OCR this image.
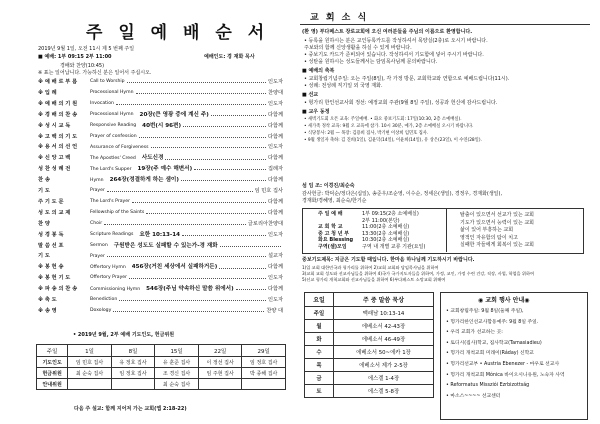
주 일 예 배 순 서
2019년 9월 1일, 오전 11시 제 5 번째 주일
■ 예배: 1부 09:15 2부 11:00	예배인도: 경 재화 목사
경배와 찬양(10:45)
※ 표는 일어납니다. 가능하신 분은 일어서 주십시오.
※ 예 배 로 부 름	Call to Worship	인도자
※ 입 례	Processional Hymn	찬양대
※ 예 배 의 기 원	Invocation	인도자
※ 경 배 의 찬 송	Processional Hymn 20장(큰 영광 중에 계신 주)	다함께
※ 성 시 교 독	Responsive Reading 40번(시 96편)	다함께
※ 고 백 의 기 도	Prayer of confession	다함께
※ 용 서 의 선 언	Assurance of Forgiveness	인도자
※ 신 앙 고 백	The Apostles' Creed 사도신경	다함께
성 찬 성 례 전	The Lord's Supper 19장(주 예수 해변서)	집례자
찬 송	Hymn 264장(정결하게 하는 샘이)	다함께
기 도	Prayer	임 민호 집사
주 기 도 문	The Lord's Prayer	다함께
성 도 의 교 제	Fellowship of the Saints	다함께
찬 양	Choir	글로리아찬양대
성 경 봉 독	Scripture Readings 요한 10:13-14	인도자
말 씀 선 포	Sermon 구원받은 성도도 실패할 수 있는가-경 재화
기 도	Prayer	설교자
※ 봉 헌 송	Offertory Hymn 456장(거친 세상에서 실패하거든)	다함께
※ 봉 헌 기 도	Offertory Prayer	인도자
※ 파 송 의 찬 송	Commissioning Hymn 546장(주님 약속하신 말씀 위에서)	다함께
※ 축 도	Benediction	인도자
※ 송 영	Doxology	찬양 대
• 2019년 9월, 2부 예배 기도인도, 헌금위원
주일	1일	8일	15일	22일	29일
기도인도	임 민호 집사	유 정호 집사	유 훈준 집사	이 정선 집사	임 정호 집사
헌금위원	최 순숙 집사	임 정호 집사	조 경신 집사	임 주현 집사	박 종해 집사
안내위원			최 순숙 집사		
다음 주 설교: 함께 지어져 가는 교회(엡 2:18-22)
교 회 소 식
(환 영) 부다페스트 장로교회에 오신 여러분들을 주님의 이름으로 환영합니다.
• 등록을 원하시는 분은 교인등록카드를 작성하셔서 목양실(2층)로 오시기 바랍니다.
주보와의 함께 신앙생활을 하실 수 있게 바랍니다.
• 중보기도 카드가 준비되어 있습니다. 작성하셔서 기도함에 넣어 주시기 바랍니다.
• 성탄을 원하시는 성도들께서는 담임목사님께 문의바랍니다.
■ 예배의 축복
• 교회창립기념주일: 오는 주일(8일), 각 가정 방문, 교회학교와 연합으로 예배드립니다(11시).
• 성례: 전성례 직기일 외 국영 재화.
■ 선교
• 헝가리 한인선교사회 정선: 예정교회 주관(9월 8일 주일), 성공과 헌신에 감사드립니다.
■ 교우 동정
• 새벽기도회 오픈 교육: 주일예배. • 화요 중보기도회: 17일(10:30, 2층 소예배실).
• 새가족 정착 교육: 9월 오 교육에 참가. 10시 30분, 예가, 2층 소예배실 오시기 바랍니다.
• 식당봉사: 2월 — 목장: 김용희 집사, 박기현 이상희 임민호 집사.
• 9월 생일자 축하: 김 진희(1일), 김윤덕(14일), 이윤희(14일), 유 상은(23일), 이 수연(28일).
섬 임 조: 이경진/최순숙
감사헌금: 박덕순/정다은(십일), 송준우/조순영, 이수순, 정세은(생일), 경정우, 경재화(생일),
경재화/경혜영, 최순숙/한기순
주 일 예 배	1부 09:15(2층 소예배실)
2부 11:00(본당)
교 회 학 교	11:00(2층 소예배실)
중 고 청 년 부	13:30(2층 소예배실)
화요 Blessing 10:30(2층 소예배실)
구역(셀)모임	구역 내 개별 교류 기관(요일)
탈출이 있으면서 선교가 있는 교회
기도가 있으면서 능력이 있는 교회
삶이 있어 부흥하는 교회
영적인 자유함의 탐이 치고
실패한 자들에게 회복이 있는 교회
중보기도제목: 지금은 기도할 때입니다. 한마음 하나님께 기도하시기 바랍니다.
1)입 교회 대한민국과 헝가리를 위하여 2)교회 교회와 담임목사님을 위하여
3)교회 교회 성도와 선교사님들을 위하여 4)국가 국가지도자들을 위하여, 가정, 교인, 가정 수련 건강, 직장, 사업, 학업을 위하여
5)선교 헝가리 개척교회와 선교사님들을 위하여 6)부다페스트 소망교회 위해여
요일	주 중 말씀 묵상
주일	맥래남 10:13-14
월	에베소서 42-43장
화	에베소서 46-49장
수	에베소서 50~에카 1장
목	에베소서 제가 2-5장
금	에스겔 1-4장
토	에스겔 5-8장
◉ 교회 행사 안내◉
• 교회창립주일: 9월 8일(둘째 주일),
• 헝가리한인선교사합동예주: 9월 8일 주일.
• 우리 교회가 선교하는 곳:
• 토디시(집사)학교, 집사학교(Tamasiadieu)
• 헝가리 개척교회 미래이(Ráday) 신학교
• 헝가리선교부 • Austria Ebenezer - 마우로 선교사
• 헝가리 개척교회 Mónica 바이오시니유원, 노숙자 사역
• Reformatus Missziói Ezrbizottság
• 마소스~~~~ 선교센터
